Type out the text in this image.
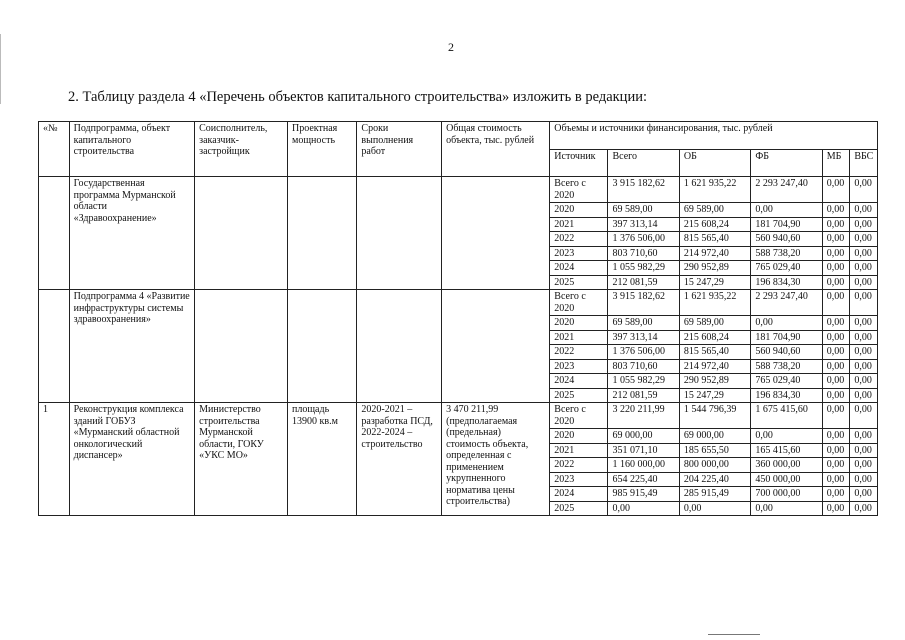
2
2. Таблицу раздела 4 «Перечень объектов капитального строительства» изложить в редакции:
«№	Подпрограмма, объект капитального строительства	Соисполнитель, заказчик-застройщик	Проектная мощность	Сроки выполнения работ	Общая стоимость объекта, тыс. рублей	Объемы и источники финансирования, тыс. рублей					
						Источник	Всего	ОБ	ФБ	МБ	ВБС
	Государственная программа Мурманской области «Здравоохранение»					Всего с 2020	3 915 182,62	1 621 935,22	2 293 247,40	0,00	0,00
						2020	69 589,00	69 589,00	0,00	0,00	0,00
						2021	397 313,14	215 608,24	181 704,90	0,00	0,00
						2022	1 376 506,00	815 565,40	560 940,60	0,00	0,00
						2023	803 710,60	214 972,40	588 738,20	0,00	0,00
						2024	1 055 982,29	290 952,89	765 029,40	0,00	0,00
						2025	212 081,59	15 247,29	196 834,30	0,00	0,00
	Подпрограмма 4 «Развитие инфраструктуры системы здравоохранения»					Всего с 2020	3 915 182,62	1 621 935,22	2 293 247,40	0,00	0,00
						2020	69 589,00	69 589,00	0,00	0,00	0,00
						2021	397 313,14	215 608,24	181 704,90	0,00	0,00
						2022	1 376 506,00	815 565,40	560 940,60	0,00	0,00
						2023	803 710,60	214 972,40	588 738,20	0,00	0,00
						2024	1 055 982,29	290 952,89	765 029,40	0,00	0,00
						2025	212 081,59	15 247,29	196 834,30	0,00	0,00
1	Реконструкция комплекса зданий ГОБУЗ «Мурманский областной онкологический диспансер»	Министерство строительства Мурманской области, ГОКУ «УКС МО»	площадь 13900 кв.м	2020-2021 – разработка ПСД, 2022-2024 – строительство	3 470 211,99 (предполагаемая (предельная) стоимость объекта, определенная с применением укрупненного норматива цены строительства)	Всего с 2020	3 220 211,99	1 544 796,39	1 675 415,60	0,00	0,00
						2020	69 000,00	69 000,00	0,00	0,00	0,00
						2021	351 071,10	185 655,50	165 415,60	0,00	0,00
						2022	1 160 000,00	800 000,00	360 000,00	0,00	0,00
						2023	654 225,40	204 225,40	450 000,00	0,00	0,00
						2024	985 915,49	285 915,49	700 000,00	0,00	0,00
						2025	0,00	0,00	0,00	0,00	0,00
